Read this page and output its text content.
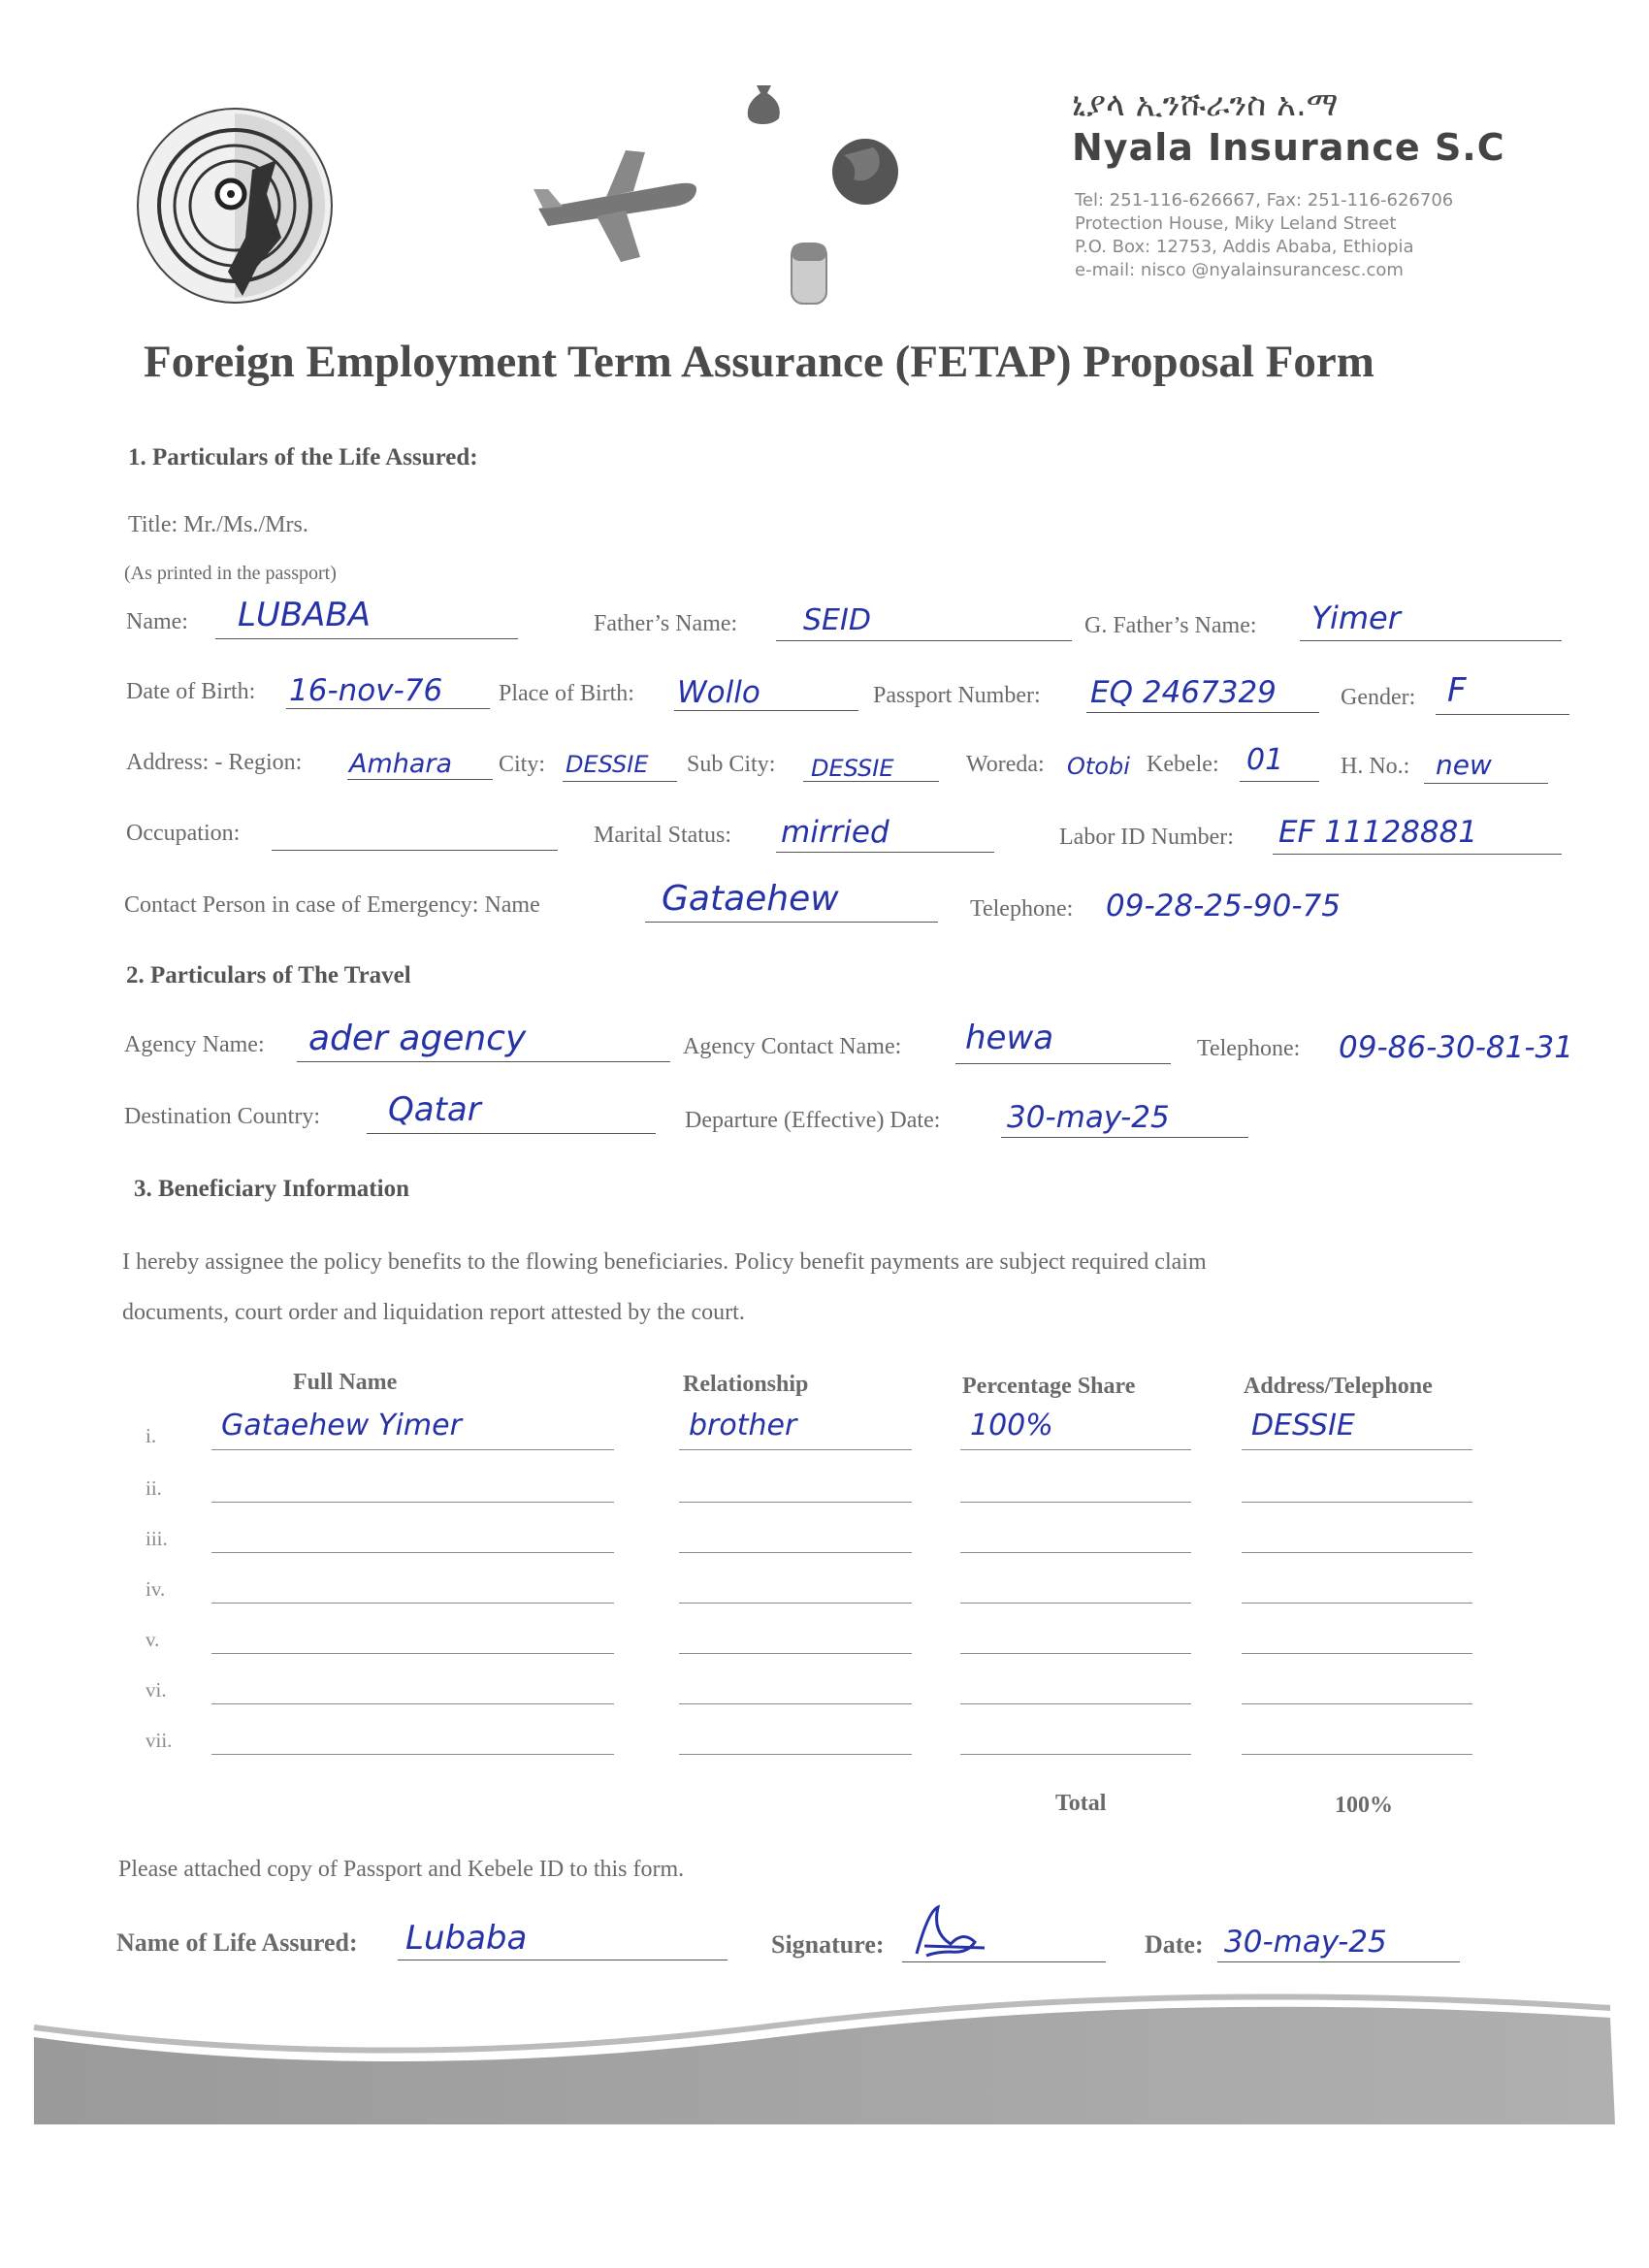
ኒያላ ኢንሹራንስ አ.ማ
Nyala Insurance S.C
Tel: 251-116-626667, Fax: 251-116-626706
Protection House, Miky Leland Street
P.O. Box: 12753, Addis Ababa, Ethiopia
e-mail: nisco @nyalainsurancesc.com
Foreign Employment Term Assurance (FETAP) Proposal Form
1. Particulars of the Life Assured:
Title: Mr./Ms./Mrs.
(As printed in the passport)
Name: LUBABA	Father’s Name: SEID	G. Father’s Name: Yimer
Date of Birth: 16-nov-76 Place of Birth: Wollo	Passport Number: EQ 2467329	Gender: F
Address: - Region: Amhara City: DESSIE Sub City: DESSIE	Woreda: Otobi Kebele: 01 H. No.: new
Occupation:	Marital Status: mirried	Labor ID Number: EF 11128881
Contact Person in case of Emergency: Name	Gataehew	Telephone: 09-28-25-90-75
2. Particulars of The Travel
Agency Name: ader agency	Agency Contact Name: hewa	Telephone: 09-86-30-81-31
Destination Country: Qatar	Departure (Effective) Date: 30-may-25
3. Beneficiary Information
I hereby assignee the policy benefits to the flowing beneficiaries. Policy benefit payments are subject required claim
documents, court order and liquidation report attested by the court.
Full Name	Relationship	Percentage Share	Address/Telephone
i. Gataehew Yimer	brother	100%	DESSIE
ii.
iii.
iv.
v.
vi.
vii.
Total	100%
Please attached copy of Passport and Kebele ID to this form.
Name of Life Assured: Lubaba	Signature:	Date: 30-may-25
